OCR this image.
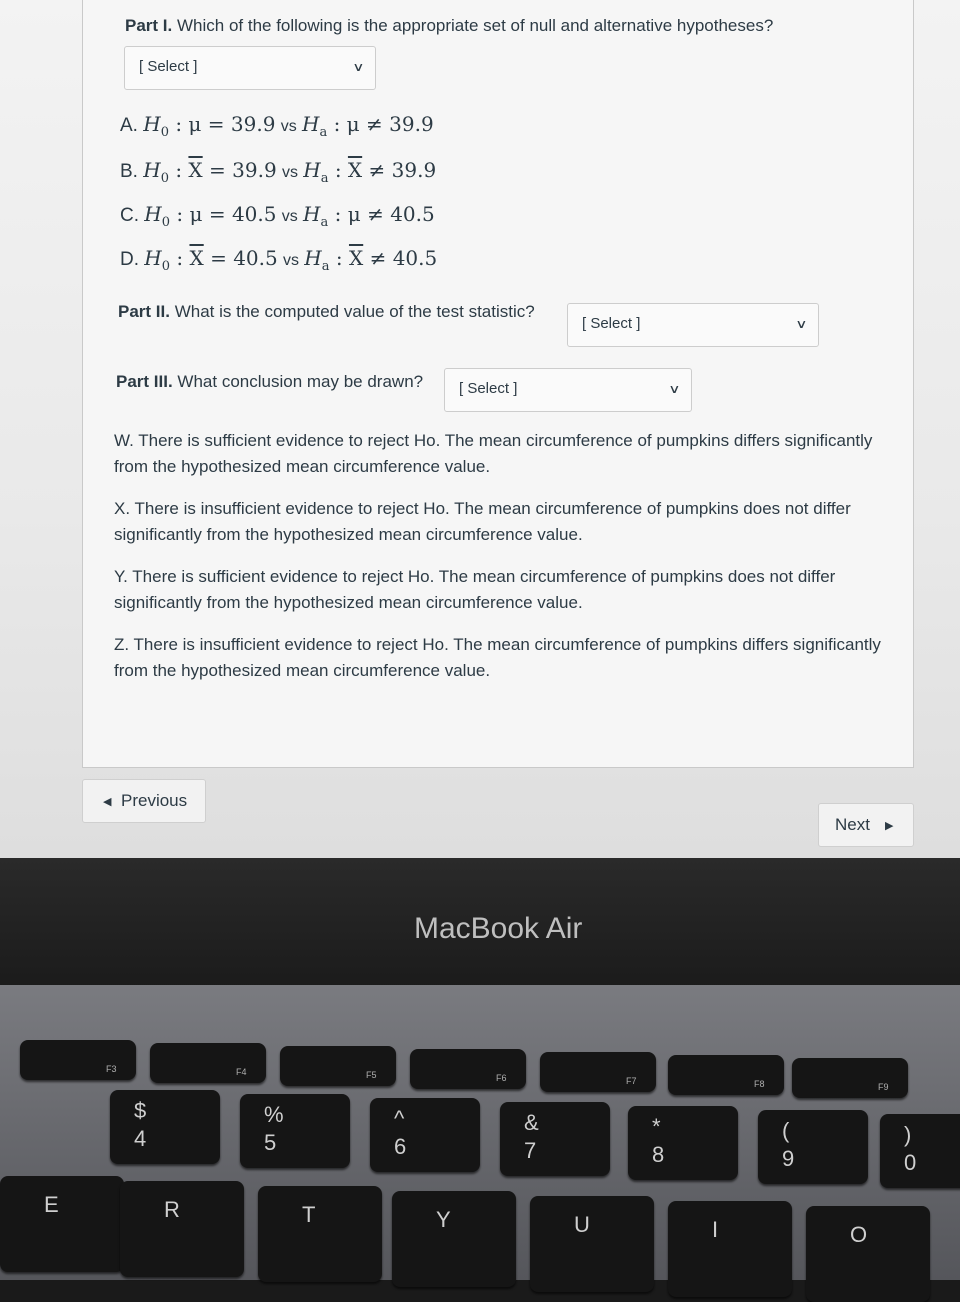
Part I. Which of the following is the appropriate set of null and alternative hypotheses?
[ Select ]	∨
A. $H_0$ : μ = 39.9 vs $H_a$ : μ ≠ 39.9
B. $H_0$ : $\overline{X} = 39.9$ vs $H_a$ : $\overline{X} \ne 39.9$
C. $H_0$ : μ = 40.5 vs $H_a$ : μ ≠ 40.5
D. $H_0$ : $\overline{X} = 40.5$ vs $H_a$ : $\overline{X} \ne 40.5$
Part II. What is the computed value of the test statistic?
[ Select ]	∨
Part III. What conclusion may be drawn? [ Select ]	∨
W. There is sufficient evidence to reject Ho. The mean circumference of pumpkins differs significantly from the hypothesized mean circumference value.
X. There is insufficient evidence to reject Ho. The mean circumference of pumpkins does not differ significantly from the hypothesized mean circumference value.
Y. There is sufficient evidence to reject Ho. The mean circumference of pumpkins does not differ significantly from the hypothesized mean circumference value.
Z. There is insufficient evidence to reject Ho. The mean circumference of pumpkins differs significantly from the hypothesized mean circumference value.
◀ Previous
Next ▶
MacBook Air
F3	F4	F5	F6	F7	F8	F9
$
4
%
5
^
6
&
7
*
8
(
9
)
0
E	R	T	Y	U	I	O
